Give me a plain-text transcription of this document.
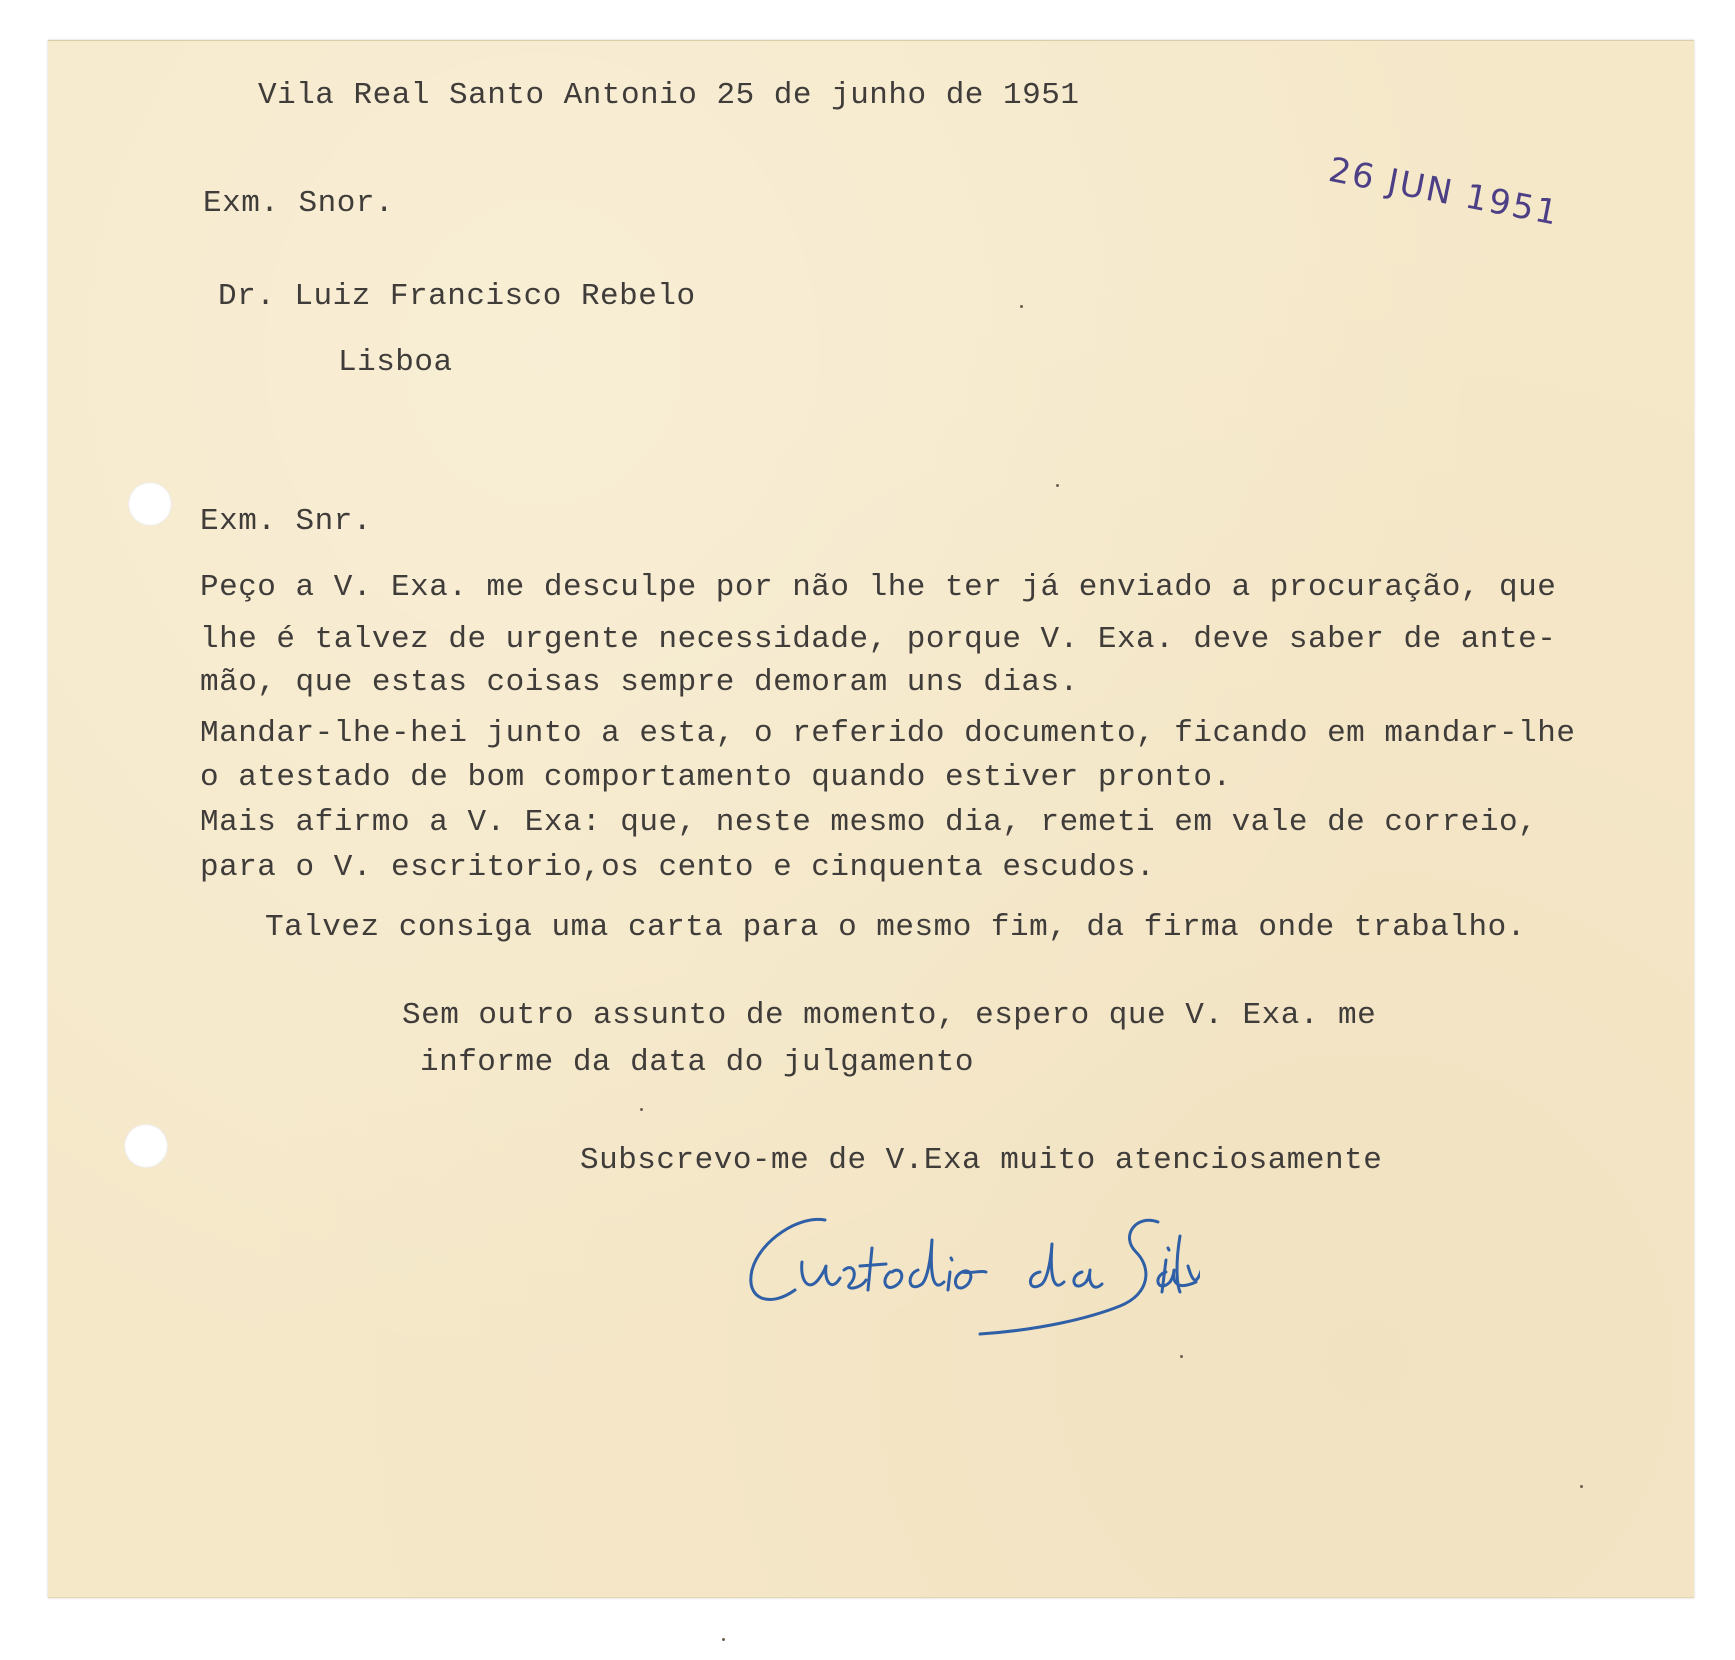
Vila Real Santo Antonio 25 de junho de 1951
26 JUN 1951
Exm. Snor.
Dr. Luiz Francisco Rebelo
Lisboa
Exm. Snr.
Peço a V. Exa. me desculpe por não lhe ter já enviado a procuração, que
lhe é talvez de urgente necessidade, porque V. Exa. deve saber de ante-
mão, que estas coisas sempre demoram uns dias.
Mandar-lhe-hei junto a esta, o referido documento, ficando em mandar-lhe
o atestado de bom comportamento quando estiver pronto.
Mais afirmo a V. Exa: que, neste mesmo dia, remeti em vale de correio,
para o V. escritorio,os cento e cinquenta escudos.
Talvez consiga uma carta para o mesmo fim, da firma onde trabalho.
Sem outro assunto de momento, espero que V. Exa. me
informe da data do julgamento
Subscrevo-me de V.Exa muito atenciosamente
